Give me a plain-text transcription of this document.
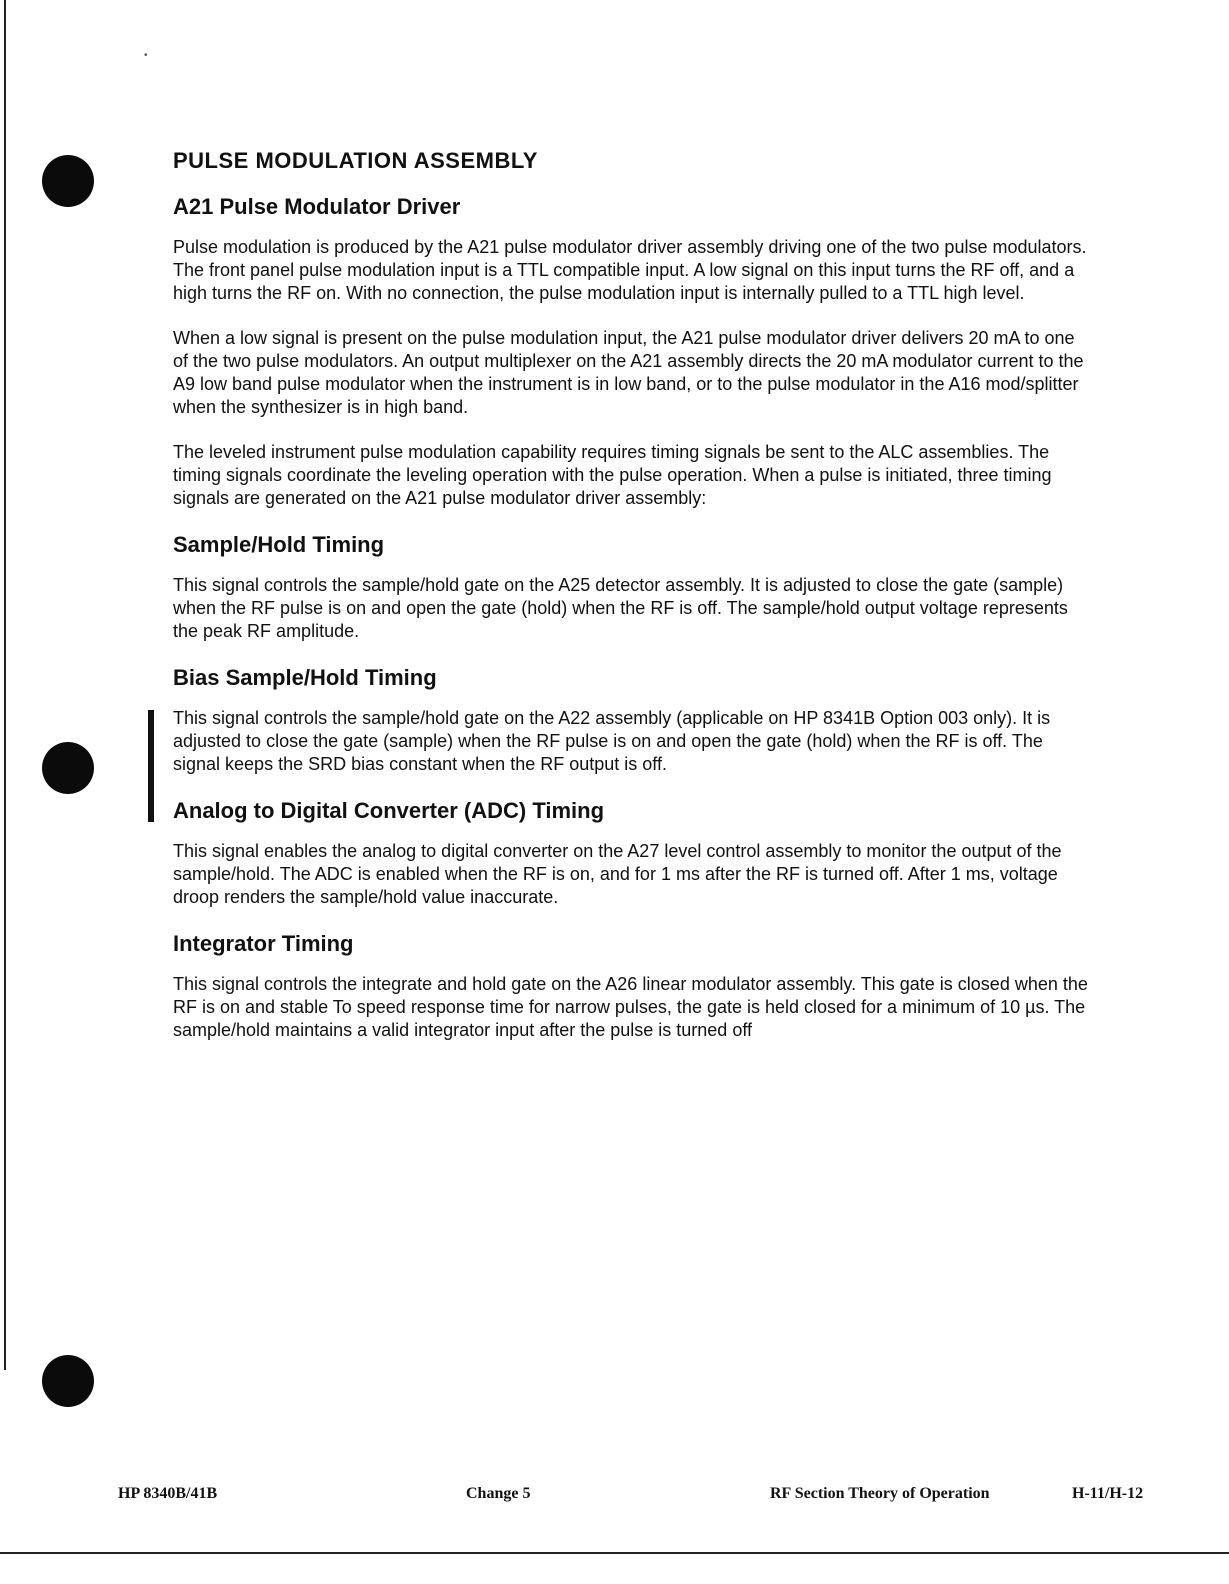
•
PULSE MODULATION ASSEMBLY
A21 Pulse Modulator Driver

Pulse modulation is produced by the A21 pulse modulator driver assembly driving one of the two pulse modulators. The front panel pulse modulation input is a TTL compatible input. A low signal on this input turns the RF off, and a high turns the RF on. With no connection, the pulse modulation input is internally pulled to a TTL high level.

When a low signal is present on the pulse modulation input, the A21 pulse modulator driver delivers 20 mA to one of the two pulse modulators. An output multiplexer on the A21 assembly directs the 20 mA modulator current to the A9 low band pulse modulator when the instrument is in low band, or to the pulse modulator in the A16 mod/splitter when the synthesizer is in high band.

The leveled instrument pulse modulation capability requires timing signals be sent to the ALC assemblies. The timing signals coordinate the leveling operation with the pulse operation. When a pulse is initiated, three timing signals are generated on the A21 pulse modulator driver assembly:

Sample/Hold Timing

This signal controls the sample/hold gate on the A25 detector assembly. It is adjusted to close the gate (sample) when the RF pulse is on and open the gate (hold) when the RF is off. The sample/hold output voltage represents the peak RF amplitude.

Bias Sample/Hold Timing

This signal controls the sample/hold gate on the A22 assembly (applicable on HP 8341B Option 003 only). It is adjusted to close the gate (sample) when the RF pulse is on and open the gate (hold) when the RF is off. The signal keeps the SRD bias constant when the RF output is off.

Analog to Digital Converter (ADC) Timing

This signal enables the analog to digital converter on the A27 level control assembly to monitor the output of the sample/hold. The ADC is enabled when the RF is on, and for 1 ms after the RF is turned off. After 1 ms, voltage droop renders the sample/hold value inaccurate.

Integrator Timing

This signal controls the integrate and hold gate on the A26 linear modulator assembly. This gate is closed when the RF is on and stable To speed response time for narrow pulses, the gate is held closed for a minimum of 10 µs. The sample/hold maintains a valid integrator input after the pulse is turned off

HP 8340B/41B	Change 5	RF Section Theory of Operation	H-11/H-12
